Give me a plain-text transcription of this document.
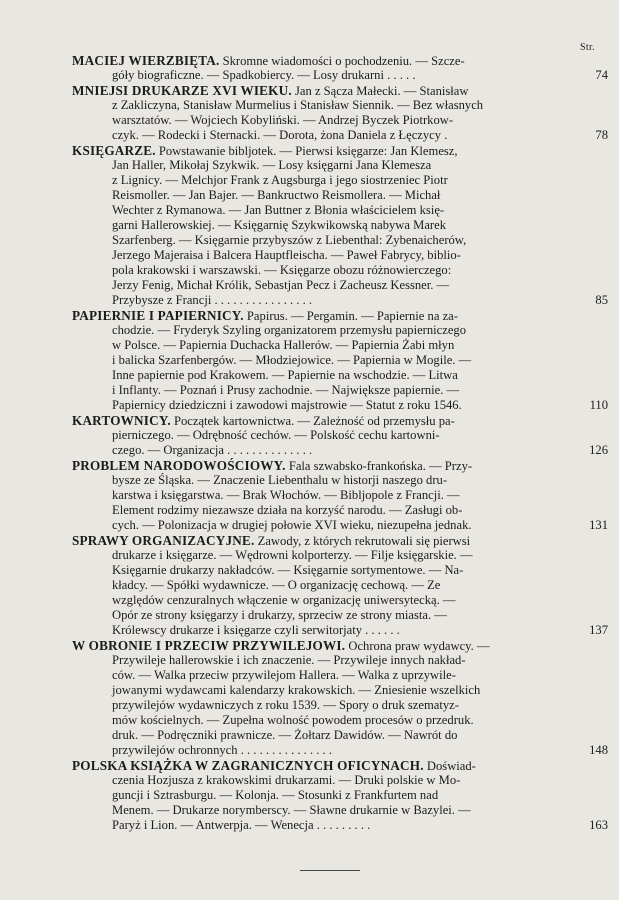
Str.
MACIEJ WIERZBIĘTA. Skromne wiadomości o pochodzeniu. — Szcze-
góły biograficzne. — Spadkobiercy. — Losy drukarni . . . . .	74
MNIEJSI DRUKARZE XVI WIEKU. Jan z Sącza Małecki. — Stanisław
z Zakliczyna, Stanisław Murmelius i Stanisław Siennik. — Bez własnych
warsztatów. — Wojciech Kobyliński. — Andrzej Byczek Piotrkow-
czyk. — Rodecki i Sternacki. — Dorota, żona Daniela z Łęczycy .	78
KSIĘGARZE. Powstawanie bibljotek. — Pierwsi księgarze: Jan Klemesz,
Jan Haller, Mikołaj Szykwik. — Losy księgarni Jana Klemesza
z Lignicy. — Melchjor Frank z Augsburga i jego siostrzeniec Piotr
Reismoller. — Jan Bajer. — Bankructwo Reismollera. — Michał
Wechter z Rymanowa. — Jan Buttner z Błonia właścicielem księ-
garni Hallerowskiej. — Księgarnię Szykwikowską nabywa Marek
Szarfenberg. — Księgarnie przybyszów z Liebenthal: Zybenaicherów,
Jerzego Majeraisa i Balcera Hauptfleischa. — Paweł Fabrycy, biblio-
pola krakowski i warszawski. — Księgarze obozu różnowierczego:
Jerzy Fenig, Michał Królik, Sebastjan Pecz i Zacheusz Kessner. —
Przybysze z Francji . . . . . . . . . . . . . . . .	85
PAPIERNIE I PAPIERNICY. Papirus. — Pergamin. — Papiernie na za-
chodzie. — Fryderyk Szyling organizatorem przemysłu papierniczego
w Polsce. — Papiernia Duchacka Hallerów. — Papiernia Żabi młyn
i balicka Szarfenbergów. — Młodziejowice. — Papiernia w Mogile. —
Inne papiernie pod Krakowem. — Papiernie na wschodzie. — Litwa
i Inflanty. — Poznań i Prusy zachodnie. — Największe papiernie. —
Papiernicy dziedziczni i zawodowi majstrowie — Statut z roku 1546.	110
KARTOWNICY. Początek kartownictwa. — Zależność od przemysłu pa-
pierniczego. — Odrębność cechów. — Polskość cechu kartowni-
czego. — Organizacja . . . . . . . . . . . . . .	126
PROBLEM NARODOWOŚCIOWY. Fala szwabsko-frankońska. — Przy-
bysze ze Śląska. — Znaczenie Liebenthalu w historji naszego dru-
karstwa i księgarstwa. — Brak Włochów. — Bibljopole z Francji. —
Element rodzimy niezawsze działa na korzyść narodu. — Zasługi ob-
cych. — Polonizacja w drugiej połowie XVI wieku, niezupełna jednak.	131
SPRAWY ORGANIZACYJNE. Zawody, z których rekrutowali się pierwsi
drukarze i księgarze. — Wędrowni kolporterzy. — Filje księgarskie. —
Księgarnie drukarzy nakładców. — Księgarnie sortymentowe. — Na-
kładcy. — Spółki wydawnicze. — O organizację cechową. — Ze
względów cenzuralnych włączenie w organizację uniwersytecką. —
Opór ze strony księgarzy i drukarzy, sprzeciw ze strony miasta. —
Królewscy drukarze i księgarze czyli serwitorjaty . . . . . .	137
W OBRONIE I PRZECIW PRZYWILEJOWI. Ochrona praw wydawcy. —
Przywileje hallerowskie i ich znaczenie. — Przywileje innych nakład-
ców. — Walka przeciw przywilejom Hallera. — Walka z uprzywile-
jowanymi wydawcami kalendarzy krakowskich. — Zniesienie wszelkich
przywilejów wydawniczych z roku 1539. — Spory o druk szematyz-
mów kościelnych. — Zupełna wolność powodem procesów o przedruk.
druk. — Podręczniki prawnicze. — Żołtarz Dawidów. — Nawrót do
przywilejów ochronnych . . . . . . . . . . . . . . .	148
POLSKA KSIĄŻKA W ZAGRANICZNYCH OFICYNACH. Doświad-
czenia Hozjusza z krakowskimi drukarzami. — Druki polskie w Mo-
guncji i Sztrasburgu. — Kolonja. — Stosunki z Frankfurtem nad
Menem. — Drukarze norymberscy. — Sławne drukarnie w Bazylei. —
Paryż i Lion. — Antwerpja. — Wenecja . . . . . . . . .	163
